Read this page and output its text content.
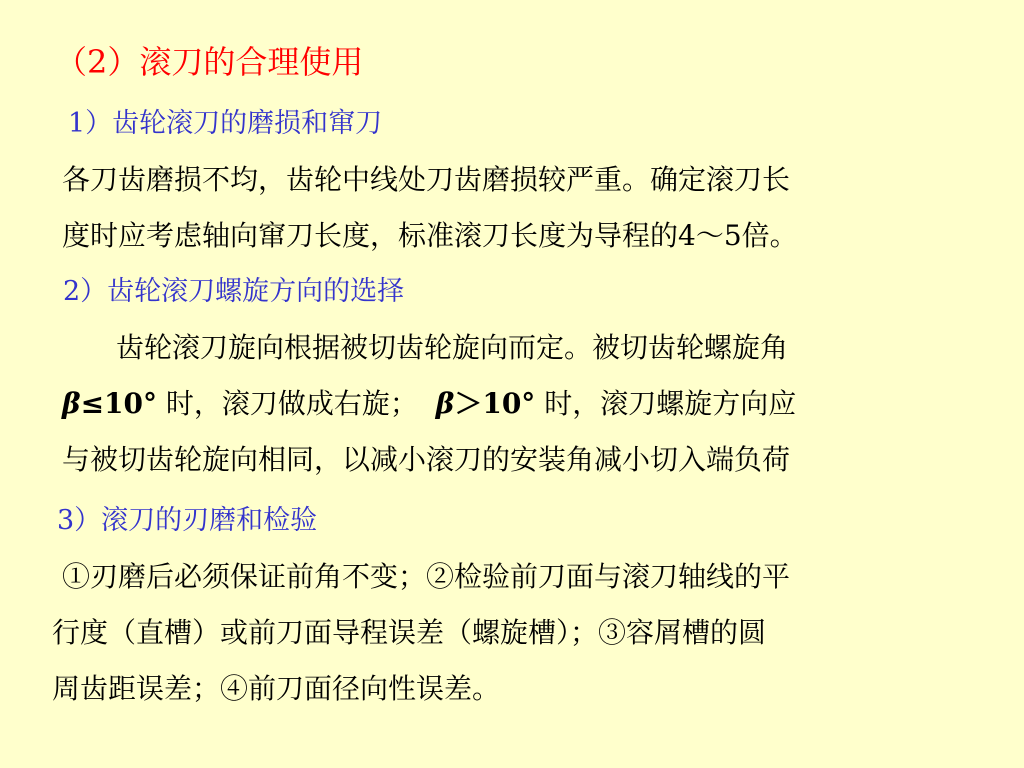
（2）滚刀的合理使用
1）齿轮滚刀的磨损和窜刀
各刀齿磨损不均，齿轮中线处刀齿磨损较严重。确定滚刀长
度时应考虑轴向窜刀长度，标准滚刀长度为导程的4～5倍。
2）齿轮滚刀螺旋方向的选择
齿轮滚刀旋向根据被切齿轮旋向而定。被切齿轮螺旋角
β≤10° 时，滚刀做成右旋； β＞10° 时，滚刀螺旋方向应
与被切齿轮旋向相同，以减小滚刀的安装角减小切入端负荷
3）滚刀的刃磨和检验
①刃磨后必须保证前角不变；②检验前刀面与滚刀轴线的平
行度（直槽）或前刀面导程误差（螺旋槽）；③容屑槽的圆
周齿距误差；④前刀面径向性误差。
